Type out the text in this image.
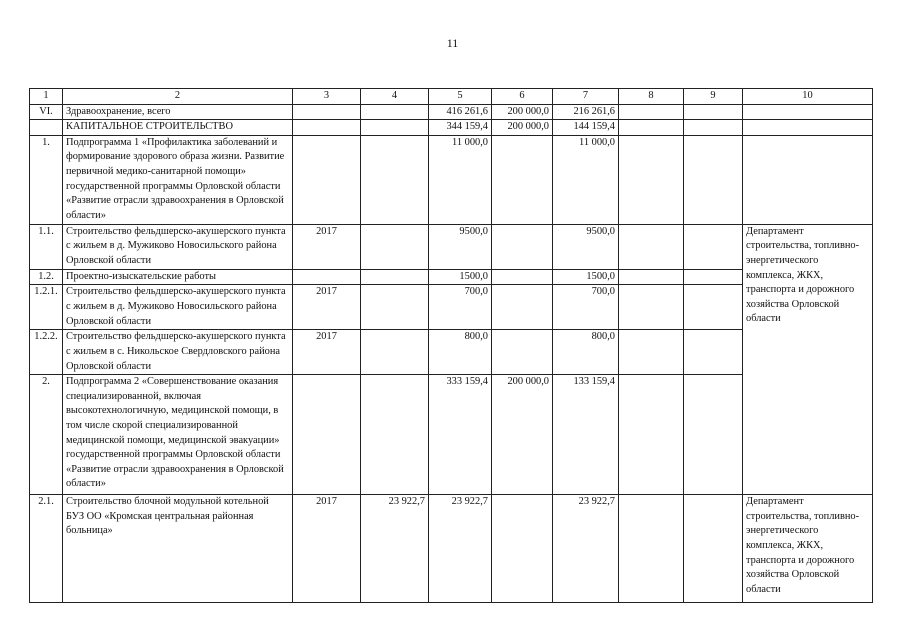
11
1	2	3	4	5	6	7	8	9	10	
VI.	Здравоохранение, всего			416 261,6	200 000,0	216 261,6				
	КАПИТАЛЬНОЕ СТРОИТЕЛЬСТВО			344 159,4	200 000,0	144 159,4				
1.	Подпрограмма 1 «Профилактика заболеваний и формирование здорового образа жизни. Развитие первичной медико-санитарной помощи» государственной программы Орловской области «Развитие отрасли здравоохранения в Орловской области»			11 000,0		11 000,0				
1.1.	Строительство фельдшерско-акушерского пункта с жильем в д. Мужиково Новосильского района Орловской области	2017		9500,0		9500,0			Департамент строительства, топливно-энергетического комплекса, ЖКХ, транспорта и дорожного хозяйства Орловской области	
1.2.	Проектно-изыскательские работы			1500,0		1500,0				
1.2.1.	Строительство фельдшерско-акушерского пункта с жильем в д. Мужиково Новосильского района Орловской области	2017		700,0		700,0				
1.2.2.	Строительство фельдшерско-акушерского пункта с жильем в с. Никольское Свердловского района Орловской области	2017		800,0		800,0				
2.	Подпрограмма 2 «Совершенствование оказания специализированной, включая высокотехнологичную, медицинской помощи, в том числе скорой специализированной медицинской помощи, медицинской эвакуации» государственной программы Орловской области «Развитие отрасли здравоохранения в Орловской области»			333 159,4	200 000,0	133 159,4				
2.1.	Строительство блочной модульной котельной БУЗ ОО «Кромская центральная районная больница»	2017	23 922,7	23 922,7		23 922,7			Департамент строительства, топливно-энергетического комплекса, ЖКХ, транспорта и дорожного хозяйства Орловской области	
